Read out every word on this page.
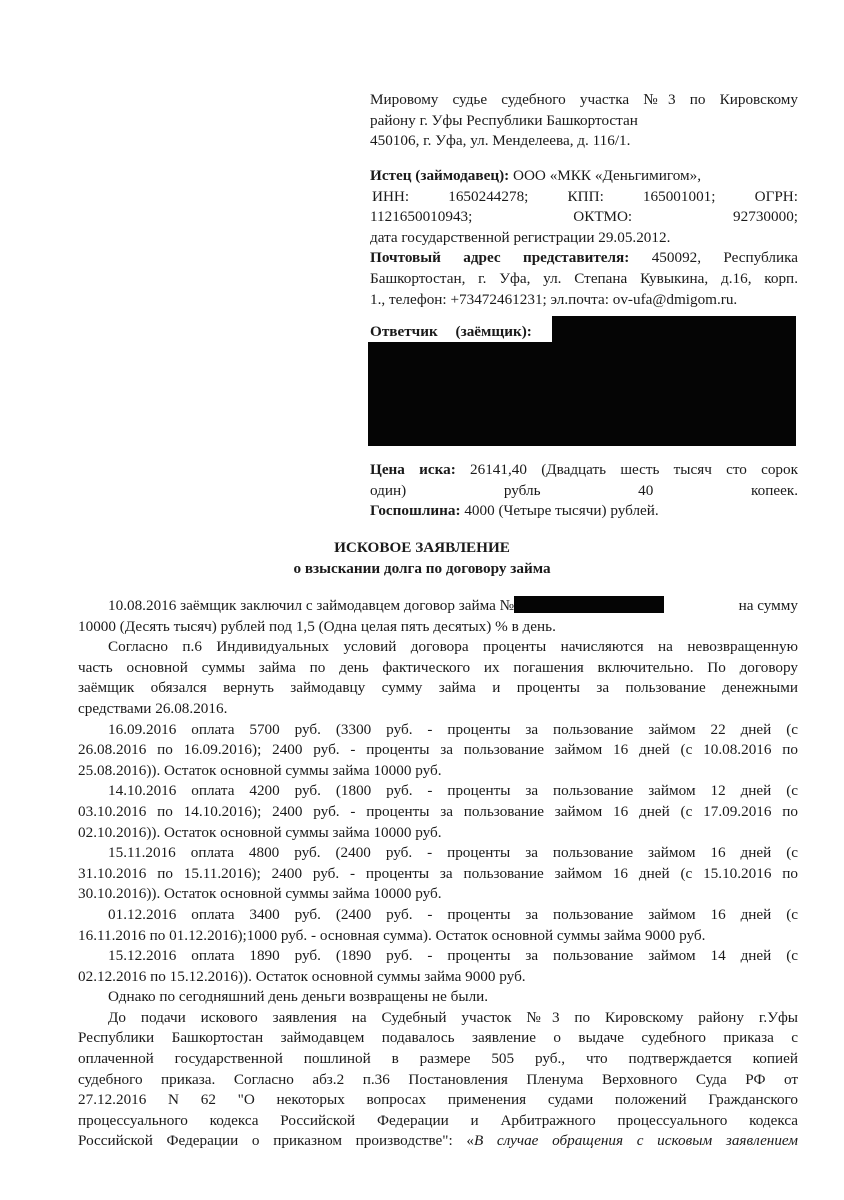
Мировому судье судебного участка №3 по Кировскому
району г. Уфы Республики Башкортостан
450106, г. Уфа, ул. Менделеева, д. 116/1.
Истец (займодавец): ООО «МКК «Деньгимигом»,
ИНН:	1650244278;	КПП:	165001001;	ОГРН:
1121650010943;	ОКТМО:	92730000;
дата государственной регистрации 29.05.2012.
Почтовый адрес представителя: 450092, Республика
Башкортостан, г. Уфа, ул. Степана Кувыкина, д.16, корп.
1., телефон: +73472461231; эл.почта: ov-ufa@dmigom.ru.
Ответчик (заёмщик):
Цена иска: 26141,40 (Двадцать шесть тысяч сто сорок
один) рубль 40 копеек.
Госпошлина: 4000 (Четыре тысячи) рублей.
ИСКОВОЕ ЗАЯВЛЕНИЕ
о взыскании долга по договору займа
10.08.2016 заёмщик заключил с займодавцем договор займа №	на сумму
10000 (Десять тысяч) рублей под 1,5 (Одна целая пять десятых) % в день.
Согласно п.6 Индивидуальных условий договора проценты начисляются на невозвращенную
часть основной суммы займа по день фактического их погашения включительно. По договору
заёмщик обязался вернуть займодавцу сумму займа и проценты за пользование денежными
средствами 26.08.2016.
16.09.2016 оплата 5700 руб. (3300 руб. - проценты за пользование займом 22 дней (с
26.08.2016 по 16.09.2016); 2400 руб. - проценты за пользование займом 16 дней (с 10.08.2016 по
25.08.2016)). Остаток основной суммы займа 10000 руб.
14.10.2016 оплата 4200 руб. (1800 руб. - проценты за пользование займом 12 дней (с
03.10.2016 по 14.10.2016); 2400 руб. - проценты за пользование займом 16 дней (с 17.09.2016 по
02.10.2016)). Остаток основной суммы займа 10000 руб.
15.11.2016 оплата 4800 руб. (2400 руб. - проценты за пользование займом 16 дней (с
31.10.2016 по 15.11.2016); 2400 руб. - проценты за пользование займом 16 дней (с 15.10.2016 по
30.10.2016)). Остаток основной суммы займа 10000 руб.
01.12.2016 оплата 3400 руб. (2400 руб. - проценты за пользование займом 16 дней (с
16.11.2016 по 01.12.2016);1000 руб. - основная сумма). Остаток основной суммы займа 9000 руб.
15.12.2016 оплата 1890 руб. (1890 руб. - проценты за пользование займом 14 дней (с
02.12.2016 по 15.12.2016)). Остаток основной суммы займа 9000 руб.
Однако по сегодняшний день деньги возвращены не были.
До подачи искового заявления на Судебный участок №3 по Кировскому району г.Уфы
Республики Башкортостан займодавцем подавалось заявление о выдаче судебного приказа с
оплаченной государственной пошлиной в размере 505 руб., что подтверждается копией
судебного приказа. Согласно абз.2 п.36 Постановления Пленума Верховного Суда РФ от
27.12.2016 N 62 "О некоторых вопросах применения судами положений Гражданского
процессуального кодекса Российской Федерации и Арбитражного процессуального кодекса
Российской Федерации о приказном производстве": «В случае обращения с исковым заявлением
